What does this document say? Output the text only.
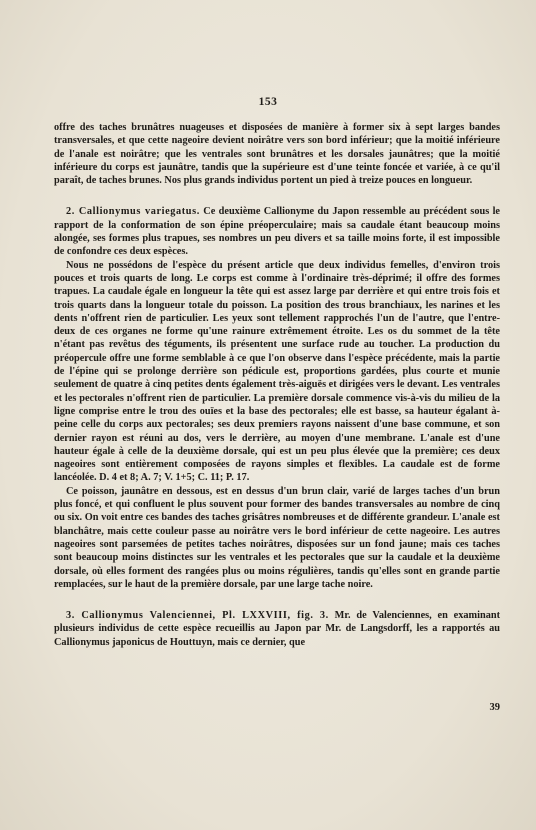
153

offre des taches brunâtres nuageuses et disposées de manière à former six à sept larges bandes transversales, et que cette nageoire devient noirâtre vers son bord inférieur; que la moitié inférieure de l'anale est noirâtre; que les ventrales sont brunâtres et les dorsales jaunâtres; que la moitié inférieure du corps est jaunâtre, tandis que la supérieure est d'une teinte foncée et variée, à ce qu'il paraît, de taches brunes. Nos plus grands individus portent un pied à treize pouces en longueur.

2. Callionymus variegatus. Ce deuxième Callionyme du Japon ressemble au précédent sous le rapport de la conformation de son épine préoperculaire; mais sa caudale étant beaucoup moins alongée, ses formes plus trapues, ses nombres un peu divers et sa taille moins forte, il est impossible de confondre ces deux espèces.

Nous ne possédons de l'espèce du présent article que deux individus femelles, d'environ trois pouces et trois quarts de long. Le corps est comme à l'ordinaire très-déprimé; il offre des formes trapues. La caudale égale en longueur la tête qui est assez large par derrière et qui entre trois fois et trois quarts dans la longueur totale du poisson. La position des trous branchiaux, les narines et les dents n'offrent rien de particulier. Les yeux sont tellement rapprochés l'un de l'autre, que l'entre-deux de ces organes ne forme qu'une rainure extrêmement étroite. Les os du sommet de la tête n'étant pas revêtus des téguments, ils présentent une surface rude au toucher. La production du préopercule offre une forme semblable à ce que l'on observe dans l'espèce précédente, mais la partie de l'épine qui se prolonge derrière son pédicule est, proportions gardées, plus courte et munie seulement de quatre à cinq petites dents également très-aiguës et dirigées vers le devant. Les ventrales et les pectorales n'offrent rien de particulier. La première dorsale commence vis-à-vis du milieu de la ligne comprise entre le trou des ouïes et la base des pectorales; elle est basse, sa hauteur égalant à-peine celle du corps aux pectorales; ses deux premiers rayons naissent d'une base commune, et son dernier rayon est réuni au dos, vers le derrière, au moyen d'une membrane. L'anale est d'une hauteur égale à celle de la deuxième dorsale, qui est un peu plus élevée que la première; ces deux nageoires sont entièrement composées de rayons simples et flexibles. La caudale est de forme lancéolée. D. 4 et 8; A. 7; V. 1+5; C. 11; P. 17.

Ce poisson, jaunâtre en dessous, est en dessus d'un brun clair, varié de larges taches d'un brun plus foncé, et qui confluent le plus souvent pour former des bandes transversales au nombre de cinq ou six. On voit entre ces bandes des taches grisâtres nombreuses et de différente grandeur. L'anale est blanchâtre, mais cette couleur passe au noirâtre vers le bord inférieur de cette nageoire. Les autres nageoires sont parsemées de petites taches noirâtres, disposées sur un fond jaune; mais ces taches sont beaucoup moins distinctes sur les ventrales et les pectorales que sur la caudale et la deuxième dorsale, où elles forment des rangées plus ou moins régulières, tandis qu'elles sont en grande partie remplacées, sur le haut de la première dorsale, par une large tache noire.

3. Callionymus Valenciennei, Pl. LXXVIII, fig. 3. Mr. de Valenciennes, en examinant plusieurs individus de cette espèce recueillis au Japon par Mr. de Langsdorff, les a rapportés au Callionymus japonicus de Houttuyn, mais ce dernier, que

39
